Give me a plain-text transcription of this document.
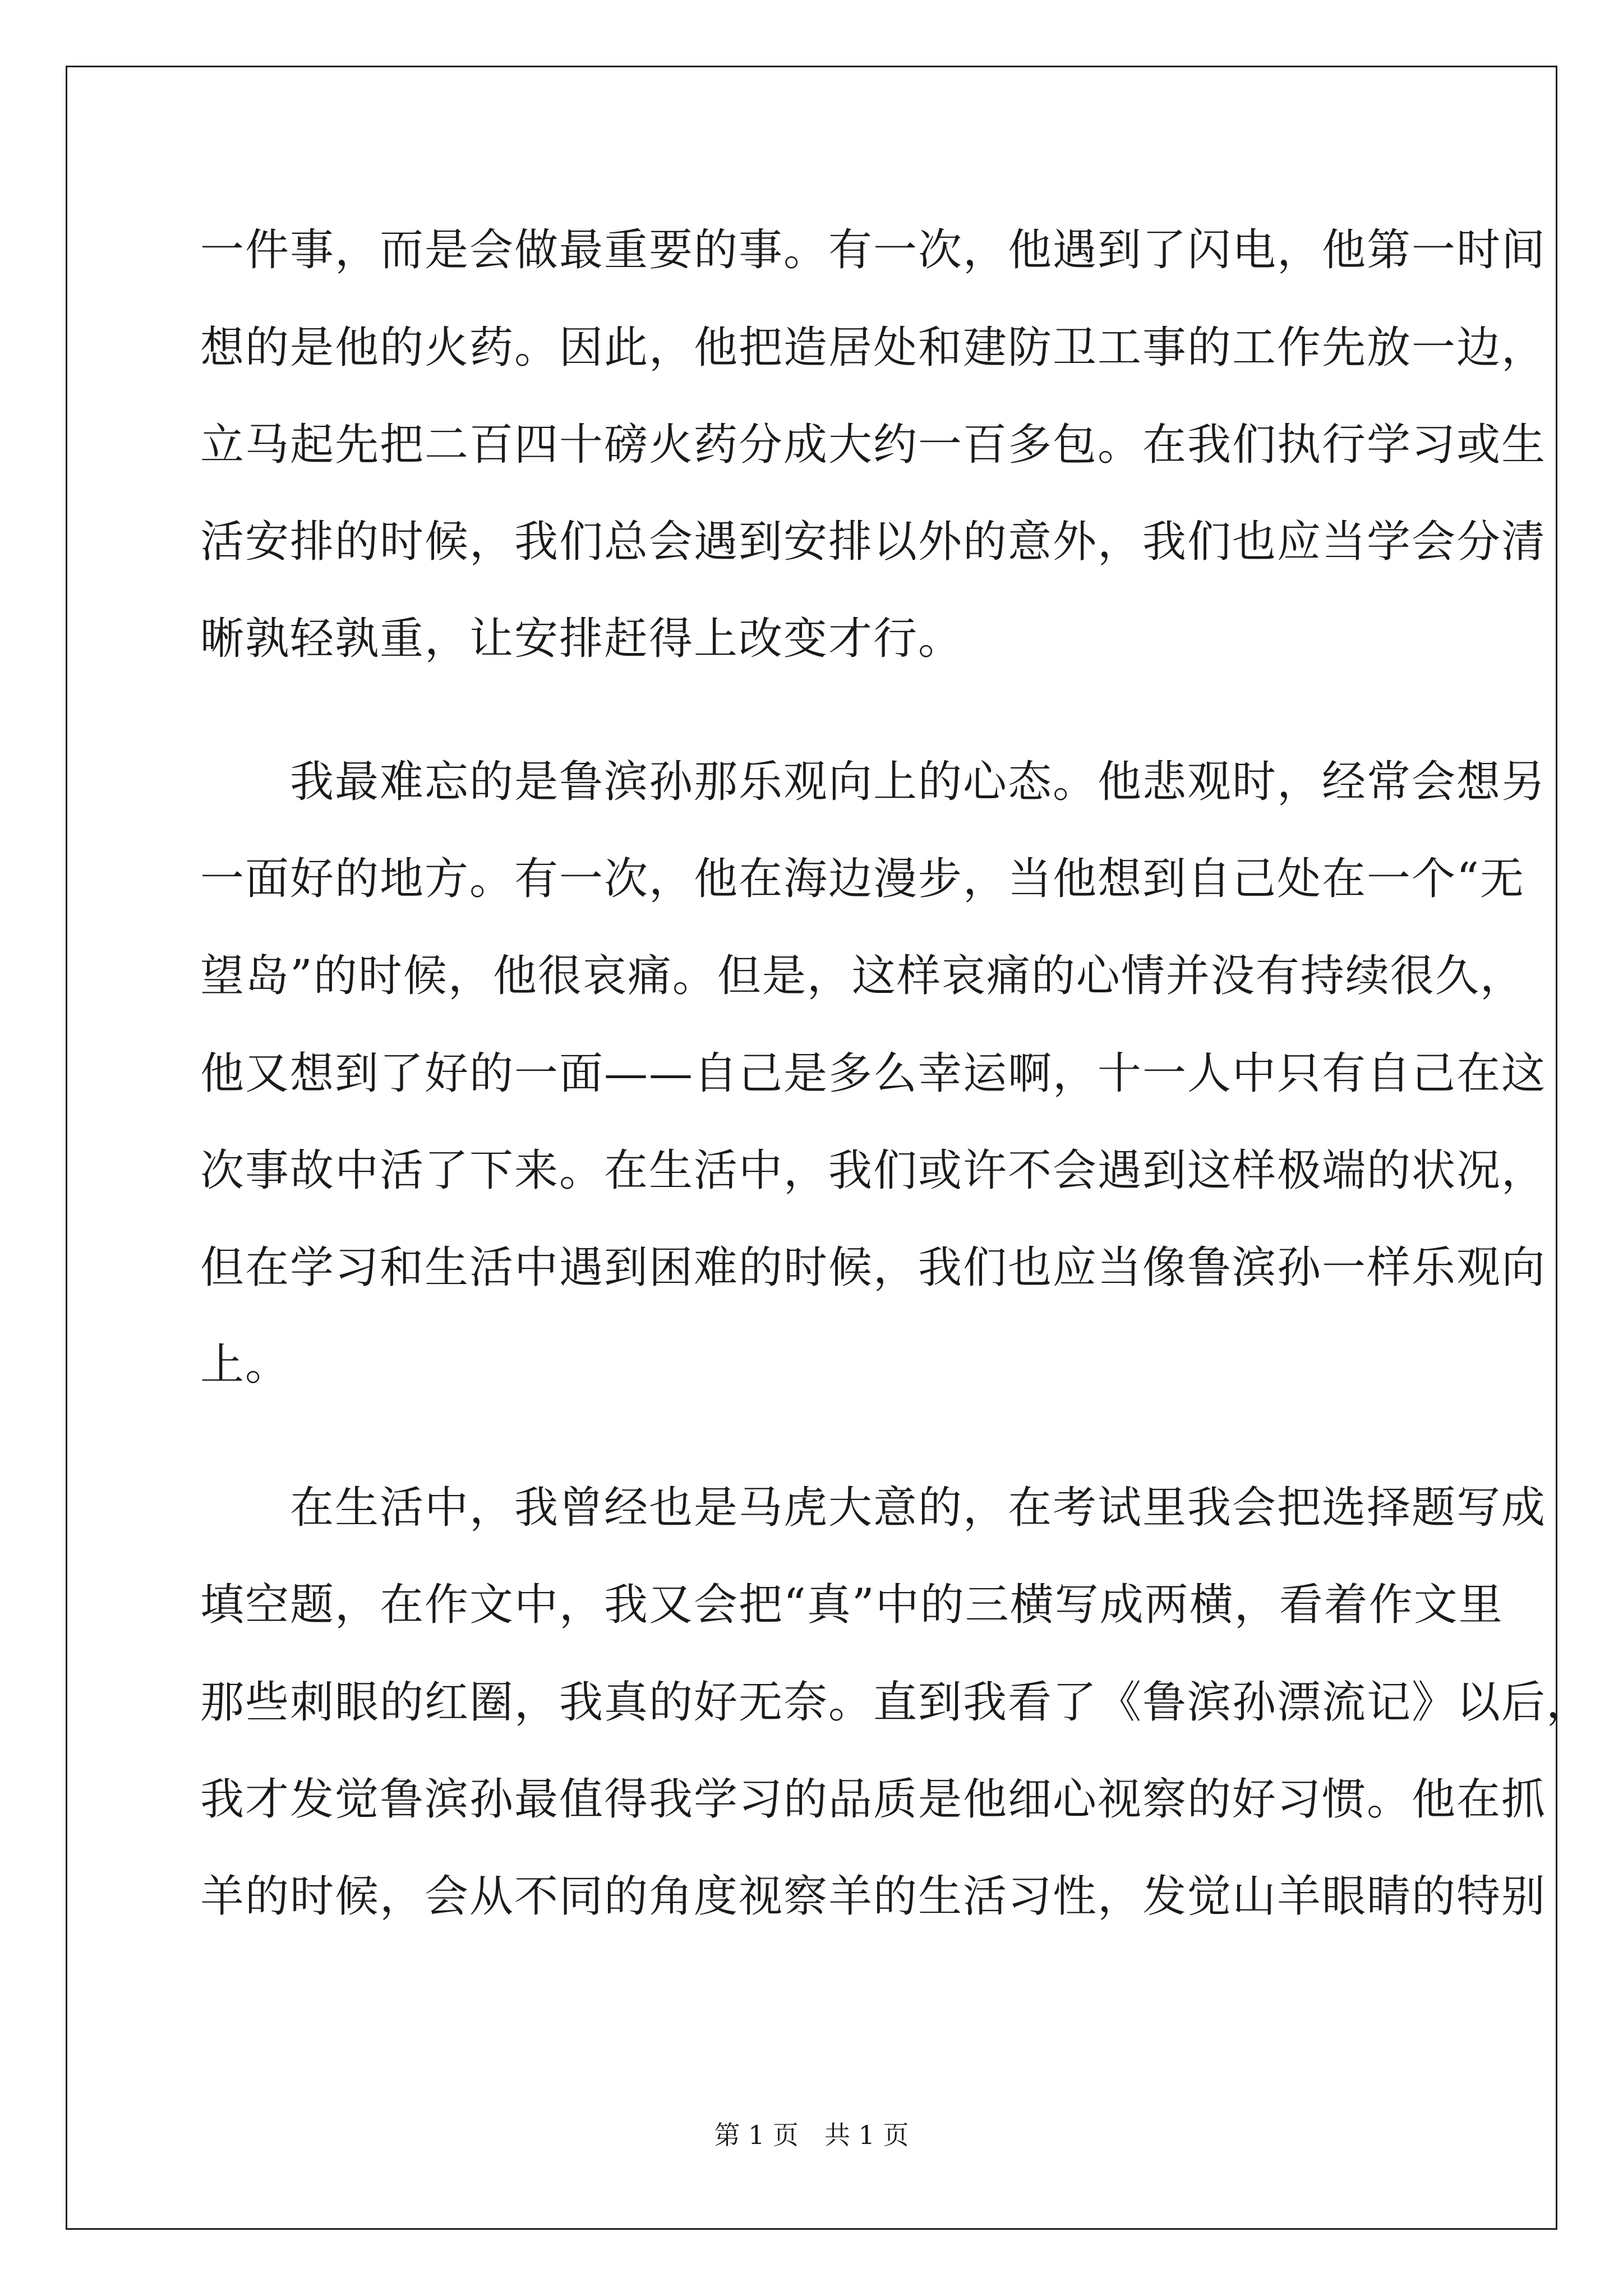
一件事，而是会做最重要的事。有一次，他遇到了闪电，他第一时间
想的是他的火药。因此，他把造居处和建防卫工事的工作先放一边，
立马起先把二百四十磅火药分成大约一百多包。在我们执行学习或生
活安排的时候，我们总会遇到安排以外的意外，我们也应当学会分清
晰孰轻孰重，让安排赶得上改变才行。
　　我最难忘的是鲁滨孙那乐观向上的心态。他悲观时，经常会想另
一面好的地方。有一次，他在海边漫步，当他想到自己处在一个“无
望岛”的时候，他很哀痛。但是，这样哀痛的心情并没有持续很久，
他又想到了好的一面——自己是多么幸运啊，十一人中只有自己在这
次事故中活了下来。在生活中，我们或许不会遇到这样极端的状况，
但在学习和生活中遇到困难的时候，我们也应当像鲁滨孙一样乐观向
上。
　　在生活中，我曾经也是马虎大意的，在考试里我会把选择题写成
填空题，在作文中，我又会把“真”中的三横写成两横，看着作文里
那些刺眼的红圈，我真的好无奈。直到我看了《鲁滨孙漂流记》以后，
我才发觉鲁滨孙最值得我学习的品质是他细心视察的好习惯。他在抓
羊的时候，会从不同的角度视察羊的生活习性，发觉山羊眼睛的特别
第 1 页　共 1 页
